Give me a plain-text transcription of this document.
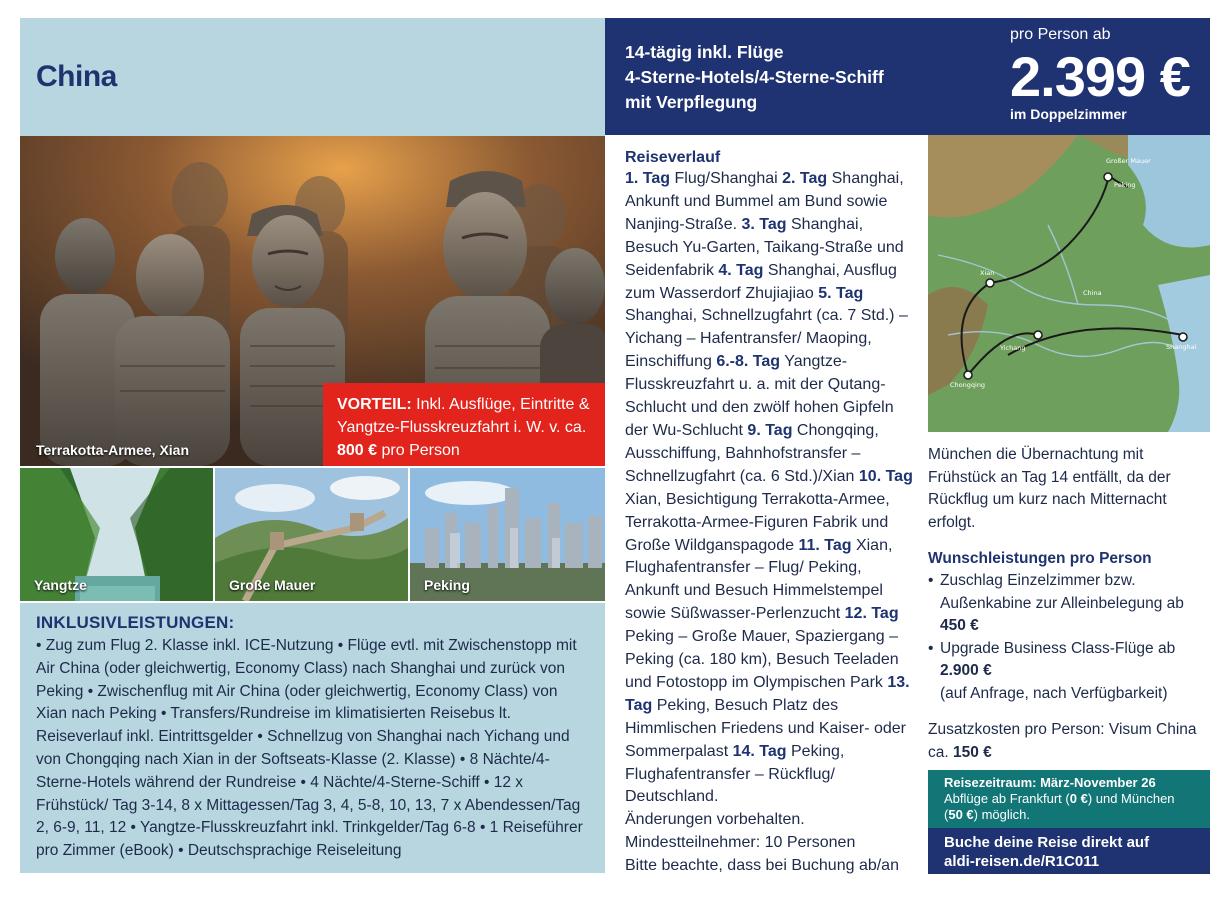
China
Terrakotta-Armee, Xian
VORTEIL: Inkl. Ausflüge, Eintritte & Yangtze-Flusskreuzfahrt i. W. v. ca.
800 € pro Person
Yangtze	Große Mauer	Peking
INKLUSIVLEISTUNGEN:

• Zug zum Flug 2. Klasse inkl. ICE-Nutzung • Flüge evtl. mit Zwischenstopp mit Air China (oder gleichwertig, Economy Class) nach Shanghai und zurück von Peking • Zwischenflug mit Air China (oder gleichwertig, Economy Class) von Xian nach Peking • Transfers/Rundreise im klimatisierten Reisebus lt. Reiseverlauf inkl. Eintrittsgelder • Schnellzug von Shanghai nach Yichang und von Chongqing nach Xian in der Softseats-Klasse (2. Klasse) • 8 Nächte/4-Sterne-Hotels während der Rundreise • 4 Nächte/4-Sterne-Schiff • 12 x Frühstück/ Tag 3-14, 8 x Mittagessen/Tag 3, 4, 5-8, 10, 13, 7 x Abendessen/Tag 2, 6-9, 11, 12 • Yangtze-Flusskreuzfahrt inkl. Trinkgelder/Tag 6-8 • 1 Reiseführer pro Zimmer (eBook) • Deutschsprachige Reiseleitung

14-tägig inkl. Flüge
4-Sterne-Hotels/4-Sterne-Schiff
mit Verpflegung
pro Person ab
2.399 €
im Doppelzimmer
Reiseverlauf
1. Tag Flug/Shanghai 2. Tag Shanghai, Ankunft und Bummel am Bund sowie Nanjing-Straße. 3. Tag Shanghai, Besuch Yu-Garten, Taikang-Straße und Seidenfabrik 4. Tag Shanghai, Ausflug zum Wasserdorf Zhujiajiao 5. Tag Shanghai, Schnellzugfahrt (ca. 7 Std.) – Yichang – Hafentransfer/ Maoping, Einschiffung 6.-8. Tag Yangtze-Flusskreuzfahrt u. a. mit der Qutang-Schlucht und den zwölf hohen Gipfeln der Wu-Schlucht 9. Tag Chongqing, Ausschiffung, Bahnhofstransfer – Schnellzugfahrt (ca. 6 Std.)/Xian 10. Tag Xian, Besichtigung Terrakotta-Armee, Terrakotta-Armee-Figuren Fabrik und Große Wildganspagode 11. Tag Xian, Flughafentransfer – Flug/ Peking, Ankunft und Besuch Himmelstempel sowie Süßwasser-Perlenzucht 12. Tag Peking – Große Mauer, Spaziergang – Peking (ca. 180 km), Besuch Teeladen und Fotostopp im Olympischen Park 13. Tag Peking, Besuch Platz des Himmlischen Friedens und Kaiser- oder Sommerpalast 14. Tag Peking, Flughafentransfer – Rückflug/ Deutschland.
Änderungen vorbehalten.
Mindestteilnehmer: 10 Personen
Bitte beachte, dass bei Buchung ab/an
Großer Mauer
Peking
China
Xian
Yichang	Shanghai
Chongqing
München die Übernachtung mit Frühstück an Tag 14 entfällt, da der Rückflug um kurz nach Mitternacht erfolgt.
Wunschleistungen pro Person
• Zuschlag Einzelzimmer bzw. Außenkabine zur Alleinbelegung ab 450 €
• Upgrade Business Class-Flüge ab 2.900 €
(auf Anfrage, nach Verfügbarkeit)
Zusatzkosten pro Person: Visum China ca. 150 €
Reisezeitraum: März-November 26
Abflüge ab Frankfurt (0 €) und München
(50 €) möglich.
Buche deine Reise direkt auf
aldi-reisen.de/R1C011
